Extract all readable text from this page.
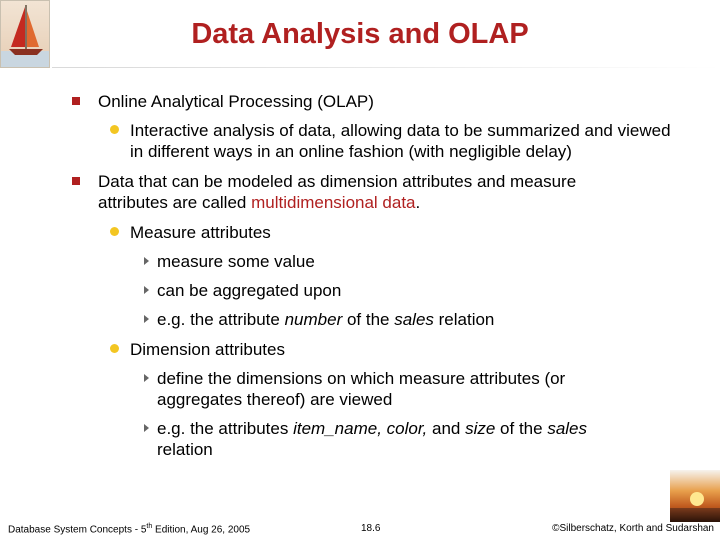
Data Analysis and OLAP
Online Analytical Processing (OLAP)
Interactive analysis of data, allowing data to be summarized and viewed in different ways in an online fashion (with negligible delay)
Data that can be modeled as dimension attributes and measure attributes are called multidimensional data.
Measure attributes
measure some value
can be aggregated upon
e.g. the attribute number of the sales relation
Dimension attributes
define the dimensions on which measure attributes (or aggregates thereof) are viewed
e.g. the attributes item_name, color, and size of the sales relation
Database System Concepts - 5th Edition, Aug 26, 2005	18.6	©Silberschatz, Korth and Sudarshan
